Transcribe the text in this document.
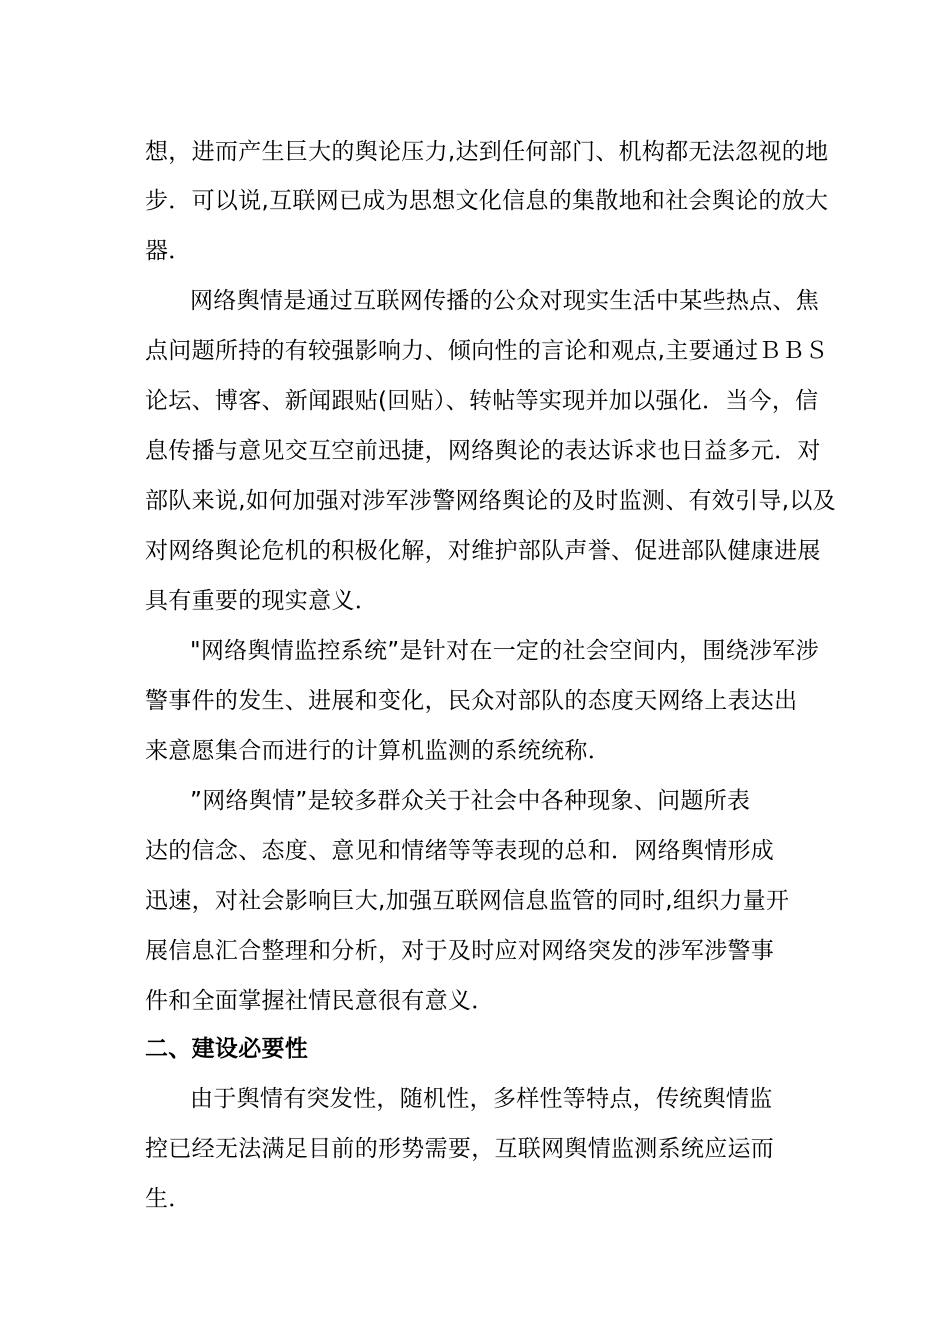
想，进而产生巨大的舆论压力,达到任何部门、机构都无法忽视的地
步．可以说,互联网已成为思想文化信息的集散地和社会舆论的放大
器．
网络舆情是通过互联网传播的公众对现实生活中某些热点、焦
点问题所持的有较强影响力、倾向性的言论和观点,主要通过ＢＢＳ
论坛、博客、新闻跟贴(回贴）、转帖等实现并加以强化．当今，信
息传播与意见交互空前迅捷，网络舆论的表达诉求也日益多元．对
部队来说,如何加强对涉军涉警网络舆论的及时监测、有效引导,以及
对网络舆论危机的积极化解，对维护部队声誉、促进部队健康进展
具有重要的现实意义．
"网络舆情监控系统”是针对在一定的社会空间内，围绕涉军涉
警事件的发生、进展和变化，民众对部队的态度天网络上表达出
来意愿集合而进行的计算机监测的系统统称．
”网络舆情”是较多群众关于社会中各种现象、问题所表
达的信念、态度、意见和情绪等等表现的总和．网络舆情形成
迅速，对社会影响巨大,加强互联网信息监管的同时,组织力量开
展信息汇合整理和分析，对于及时应对网络突发的涉军涉警事
件和全面掌握社情民意很有意义．
二、建设必要性
由于舆情有突发性，随机性，多样性等特点，传统舆情监
控已经无法满足目前的形势需要，互联网舆情监测系统应运而
生．
